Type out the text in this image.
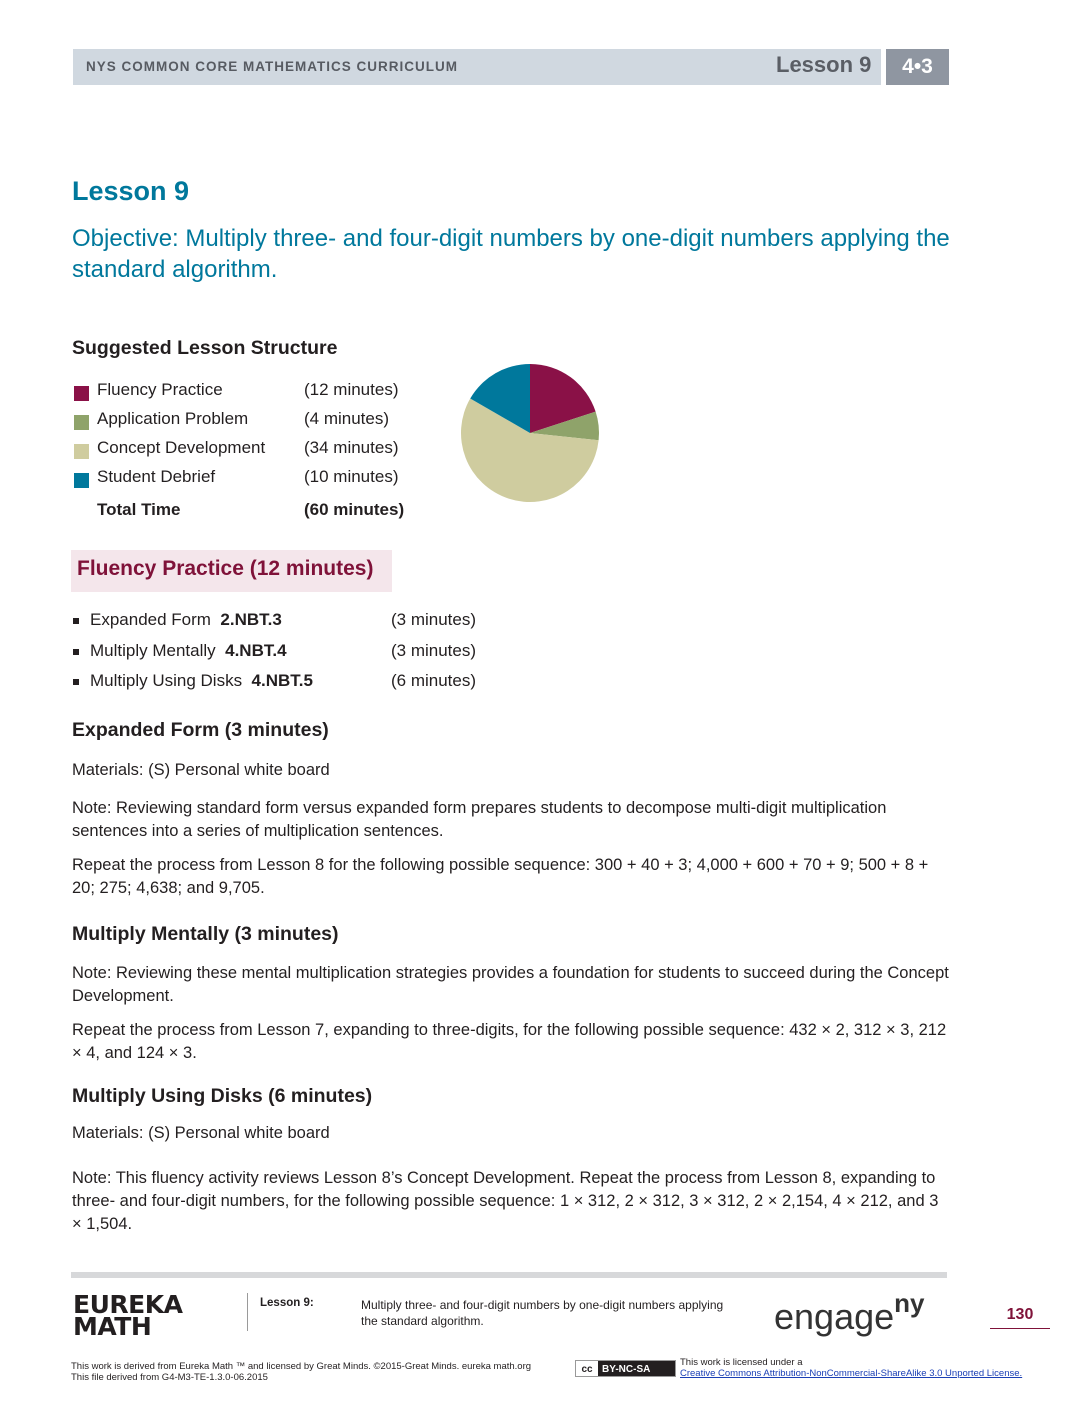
NYS COMMON CORE MATHEMATICS CURRICULUM	Lesson 9	4•3
Lesson 9
Objective: Multiply three- and four-digit numbers by one-digit numbers applying the standard algorithm.
Suggested Lesson Structure
Fluency Practice	(12 minutes)
Application Problem	(4 minutes)
Concept Development (34 minutes)
Student Debrief	(10 minutes)
Total Time	(60 minutes)
Fluency Practice (12 minutes)
Expanded Form 2.NBT.3	(3 minutes)
Multiply Mentally 4.NBT.4	(3 minutes)
Multiply Using Disks 4.NBT.5	(6 minutes)
Expanded Form (3 minutes)
Materials: (S) Personal white board
Note: Reviewing standard form versus expanded form prepares students to decompose multi-digit multiplication sentences into a series of multiplication sentences.
Repeat the process from Lesson 8 for the following possible sequence: 300 + 40 + 3; 4,000 + 600 + 70 + 9; 500 + 8 + 20; 275; 4,638; and 9,705.
Multiply Mentally (3 minutes)
Note: Reviewing these mental multiplication strategies provides a foundation for students to succeed during the Concept Development.
Repeat the process from Lesson 7, expanding to three-digits, for the following possible sequence: 432 × 2, 312 × 3, 212 × 4, and 124 × 3.
Multiply Using Disks (6 minutes)
Materials: (S) Personal white board
Note: This fluency activity reviews Lesson 8’s Concept Development. Repeat the process from Lesson 8, expanding to three- and four-digit numbers, for the following possible sequence: 1 × 312, 2 × 312, 3 × 312, 2 × 2,154, 4 × 212, and 3 × 1,504.
EUREKA
MATH
Lesson 9:	Multiply three- and four-digit numbers by one-digit numbers applying the standard algorithm.	engage$^{ny}$	130
This work is derived from Eureka Math ™ and licensed by Great Minds. ©2015-Great Minds. eureka math.org
This file derived from G4-M3-TE-1.3.0-06.2015
cc BY-NC-SA
This work is licensed under a
Creative Commons Attribution-NonCommercial-ShareAlike 3.0 Unported License.
